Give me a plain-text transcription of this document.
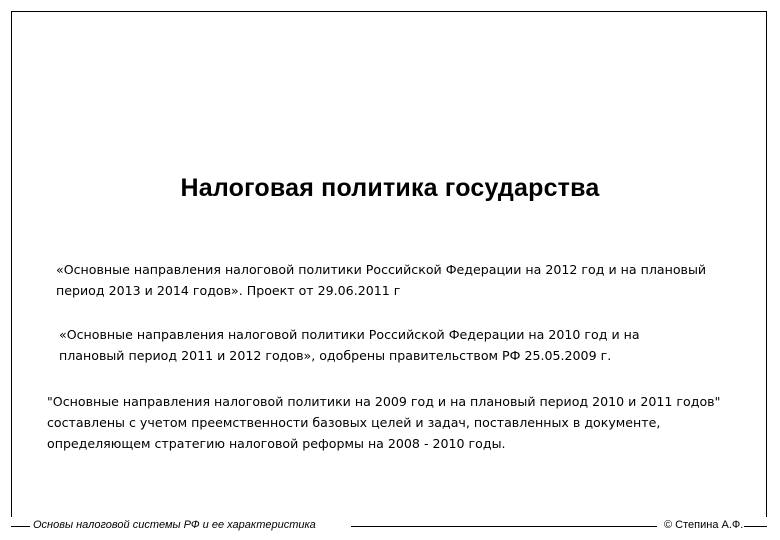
Налоговая политика государства
«Основные направления налоговой политики Российской Федерации на 2012 год и на плановый
период 2013 и 2014 годов». Проект от 29.06.2011 г
«Основные направления налоговой политики Российской Федерации на 2010 год и на
плановый период 2011 и 2012 годов», одобрены правительством РФ 25.05.2009 г.
"Основные направления налоговой политики на 2009 год и на плановый период 2010 и 2011 годов"
составлены с учетом преемственности базовых целей и задач, поставленных в документе,
определяющем стратегию налоговой реформы на 2008 - 2010 годы.
Основы налоговой системы РФ и ее характеристика	© Степина А.Ф.
